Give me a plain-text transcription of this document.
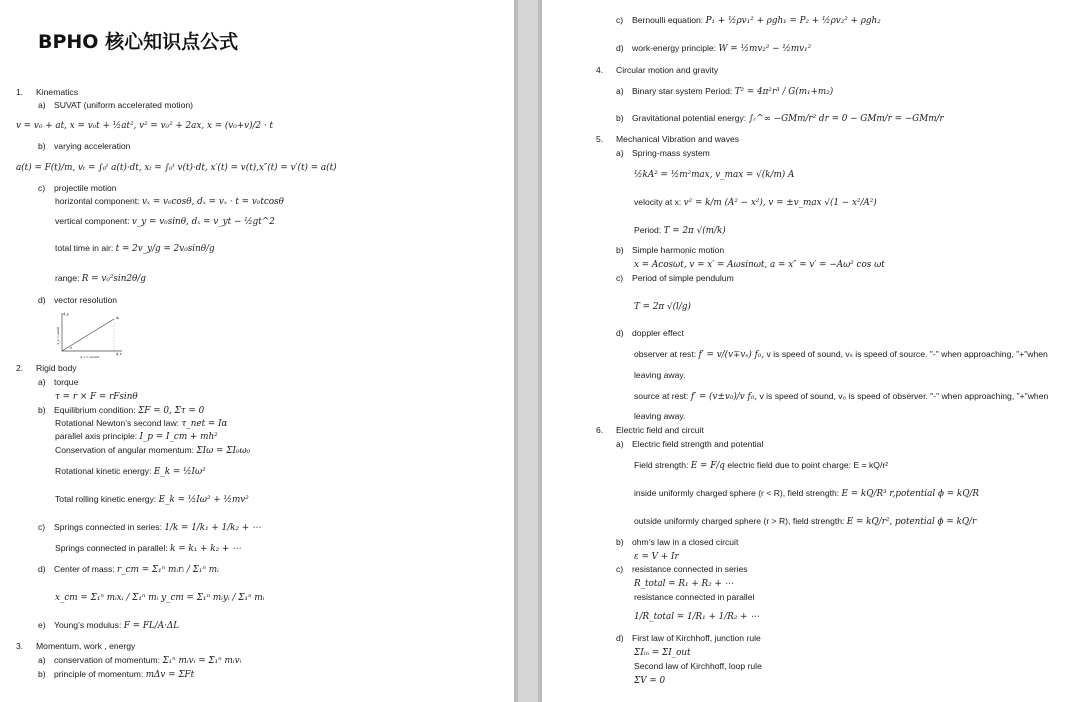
BPHO 核心知识点公式
1. Kinematics
a) SUVAT (uniform accelerated motion)
v = v₀ + at, x = v₀t + ½at², v² = v₀² + 2ax, x = (v₀+v)/2 · t
b) varying acceleration
a(t) = F(t)/m, vₜ = ∫₀ᵗ a(t)·dt, xₜ = ∫₀ᵗ v(t)·dt, x′(t) = v(t),x″(t) = v′(t) = a(t)
c) projectile motion
horizontal component: vₓ = v₀cosθ, dₓ = vₓ · t = v₀tcosθ
vertical component: v_y = v₀sinθ, dₓ = v_yt − ½gt^2
total time in air: t = 2v_y/g = 2v₀sinθ/g
range: R = v₀²sin2θ/g
d) vector resolution
2. Rigid body
a) torque
τ = r × F = rFsinθ
b) Equilibrium condition: ΣF = 0, Στ = 0
Rotational Newton’s second law: τ_net = Iα
parallel axis principle: I_p = I_cm + mh²
Conservation of angular momentum: ΣIω = ΣI₀ω₀
Rotational kinetic energy: E_k = ½Iω²
Total rolling kinetic energy: E_k = ½Iω² + ½mv²
c) Springs connected in series: 1/k = 1/k₁ + 1/k₂ + ⋯
Springs connected in parallel: k = k₁ + k₂ + ⋯
d) Center of mass: r_cm = Σ₁ⁿ mᵢrᵢ / Σ₁ⁿ mᵢ
x_cm = Σ₁ⁿ mᵢxᵢ / Σ₁ⁿ mᵢ y_cm = Σ₁ⁿ mᵢyᵢ / Σ₁ⁿ mᵢ
e) Young’s modulus: F = FL/A·ΔL
3. Momentum, work , energy
a) conservation of momentum: Σ₁ⁿ mᵢvᵢ = Σ₁ⁿ mᵢvᵢ
b) principle of momentum: mΔv = ΣFt
A
A_x
A_y
A_x = Acosθ
A_y = Asinθ
θ
c) Bernoulli equation: P₁ + ½ρv₁² + ρgh₁ = P₂ + ½ρv₂² + ρgh₂
d) work-energy principle: W = ½mv₂² − ½mv₁²
4. Circular motion and gravity
a) Binary star system Period: T² = 4π²r³ / G(m₁+m₂)
b) Gravitational potential energy: ∫ᵣ^∞ −GMm/r² dr = 0 − GMm/r = −GMm/r
5. Mechanical Vibration and waves
a) Spring-mass system
½kA² = ½m²max, v_max = √(k/m) A
velocity at x: v² = k/m (A² − x²), v = ±v_max √(1 − x²/A²)
Period: T = 2π √(m/k)
b) Simple harmonic motion
x = Acosωt, v = x′ = Aωsinωt, a = x″ = v′ = −Aω² cos ωt
c) Period of simple pendulum
T = 2π √(l/g)
d) doppler effect
observer at rest: f′ = v/(v∓vₛ) f₀, v is speed of sound, vₛ is speed of source. "-" when approaching, "+"when
leaving away.
source at rest: f′ = (v±v₀)/v f₀, v is speed of sound, v₀ is speed of observer. "-" when approaching, "+"when
leaving away.
6. Electric field and circuit
a) Electric field strength and potential
Field strength: E = F/q electric field due to point charge: E = kQ/r²
inside uniformly charged sphere (r < R), field strength: E = kQ/R³ r,potential ϕ = kQ/R
outside uniformly charged sphere (r > R), field strength: E = kQ/r², potential ϕ = kQ/r
b) ohm’s law in a closed circuit
ε = V + Ir
c) resistance connected in series
R_total = R₁ + R₂ + ⋯
resistance connected in parallel
1/R_total = 1/R₁ + 1/R₂ + ⋯
d) First law of Kirchhoff, junction rule
ΣIᵢₙ = ΣI_out
Second law of Kirchhoff, loop rule
ΣV = 0
